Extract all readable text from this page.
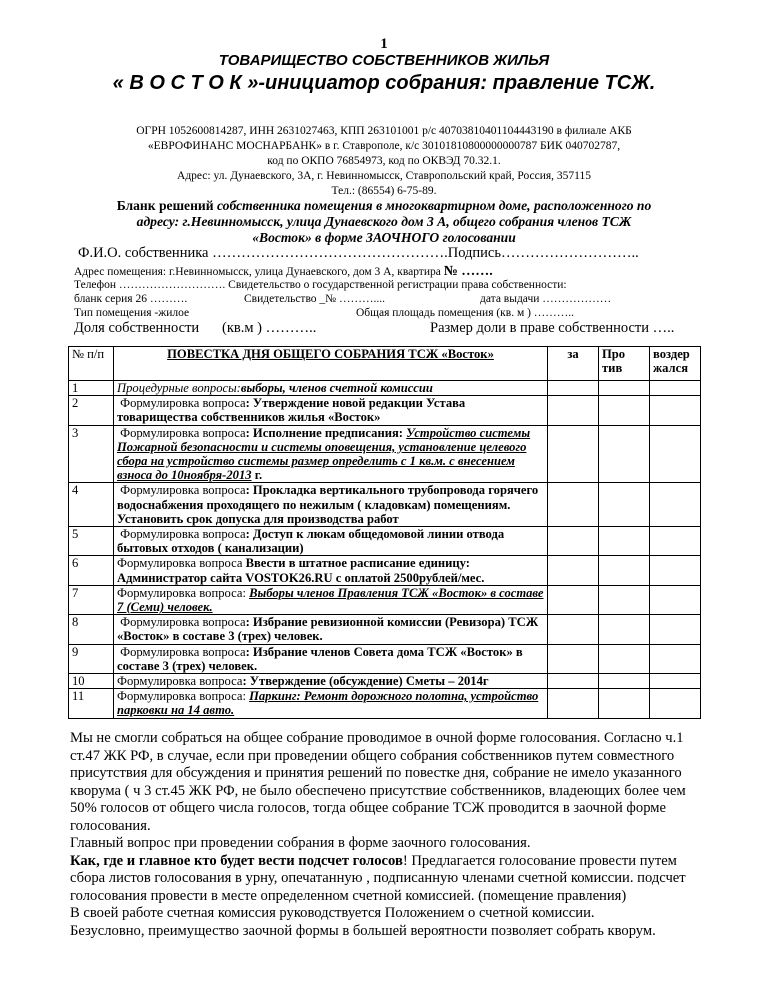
1
ТОВАРИЩЕСТВО СОБСТВЕННИКОВ ЖИЛЬЯ
« В О С Т О К »-инициатор собрания: правление ТСЖ.
ОГРН 1052600814287, ИНН 2631027463, КПП 263101001 р/с 40703810401104443190 в филиале АКБ
«ЕВРОФИНАНС МОСНАРБАНК» в г. Ставрополе, к/с 30101810800000000787 БИК 040702787,
код по ОКПО 76854973, код по ОКВЭД 70.32.1.
Адрес: ул. Дунаевского, 3А, г. Невинномысск, Ставропольский край, Россия, 357115
Тел.: (86554) 6-75-89.
Бланк решений собственника помещения в многоквартирном доме, расположенного по
адресу: г.Невинномысск, улица Дунаевского дом 3 А, общего собрания членов ТСЖ
«Восток» в форме ЗАОЧНОГО голосовании
Ф.И.О. собственника ………………………………………….Подпись………………………..
Адрес помещения: г.Невинномысск, улица Дунаевского, дом 3 А, квартира № …….
Телефон ………………………. Свидетельство о государственной регистрации права собственности:
бланк серия 26 ……….	Свидетельство _№ ………....	дата выдачи ………………
Тип помещения -жилое	Общая площадь помещения (кв. м ) ………..
Доля собственности (кв.м ) ………..	Размер доли в праве собственности …..
№ п/п	ПОВЕСТКА ДНЯ ОБЩЕГО СОБРАНИЯ ТСЖ «Восток»	за	Про тив	воздер жался
1	Процедурные вопросы:выборы, членов счетной комиссии			
2	Формулировка вопроса: Утверждение новой редакции Устава товарищества собственников жилья «Восток»			
3	Формулировка вопроса: Исполнение предписания: Устройство системы Пожарной безопасности и системы оповещения, установление целевого сбора на устройство системы размер определить с 1 кв.м. с внесением взноса до 10ноября-2013 г.			
4	Формулировка вопроса: Прокладка вертикального трубопровода горячего водоснабжения проходящего по нежилым ( кладовкам) помещениям. Установить срок допуска для производства работ			
5	Формулировка вопроса: Доступ к люкам общедомовой линии отвода бытовых отходов ( канализации)			
6	Формулировка вопроса Ввести в штатное расписание единицу: Администратор сайта VOSTOK26.RU с оплатой 2500рублей/мес.			
7	Формулировка вопроса: Выборы членов Правления ТСЖ «Восток» в составе 7 (Семи) человек.			
8	Формулировка вопроса: Избрание ревизионной комиссии (Ревизора) ТСЖ «Восток» в составе 3 (трех) человек.			
9	Формулировка вопроса: Избрание членов Совета дома ТСЖ «Восток» в составе 3 (трех) человек.			
10	Формулировка вопроса: Утверждение (обсуждение) Сметы – 2014г			
11	Формулировка вопроса: Паркинг: Ремонт дорожного полотна, устройство парковки на 14 авто.			

Мы не смогли собраться на общее собрание проводимое в очной форме голосования. Согласно ч.1 ст.47 ЖК РФ, в случае, если при проведении общего собрания собственников путем совместного присутствия для обсуждения и принятия решений по повестке дня, собрание не имело указанного кворума ( ч 3 ст.45 ЖК РФ, не было обеспечено присутствие собственников, владеющих более чем 50% голосов от общего числа голосов, тогда общее собрание ТСЖ проводится в заочной форме голосования.

Главный вопрос при проведении собрания в форме заочного голосования.

Как, где и главное кто будет вести подсчет голосов! Предлагается голосование провести путем сбора листов голосования в урну, опечатанную , подписанную членами счетной комиссии. подсчет голосования провести в месте определенном счетной комиссией. (помещение правления)

В своей работе счетная комиссия руководствуется Положением о счетной комиссии.

Безусловно, преимущество заочной формы в большей вероятности позволяет собрать кворум.
